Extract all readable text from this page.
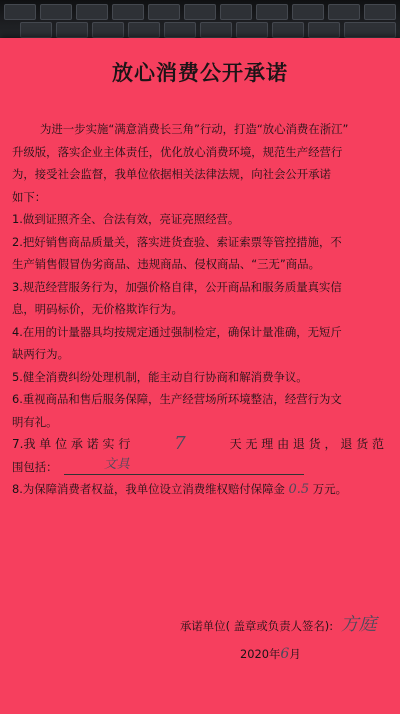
放心消费公开承诺
为进一步实施“满意消费长三角”行动，打造“放心消费在浙江”
升级版，落实企业主体责任，优化放心消费环境，规范生产经营行
为，接受社会监督，我单位依据相关法律法规，向社会公开承诺
如下：
1.做到证照齐全、合法有效，亮证亮照经营。
2.把好销售商品质量关，落实进货查验、索证索票等管控措施，不
生产销售假冒伪劣商品、违规商品、侵权商品、“三无”商品。
3.规范经营服务行为，加强价格自律，公开商品和服务质量真实信
息，明码标价，无价格欺诈行为。
4.在用的计量器具均按规定通过强制检定，确保计量准确，无短斤
缺两行为。
5.健全消费纠纷处理机制，能主动自行协商和解消费争议。
6.重视商品和售后服务保障，生产经营场所环境整洁，经营行为文
明有礼。
7.我 单 位 承 诺 实 行 7	天 无 理 由 退 货 ， 退 货 范
围包括：	文具
8.为保障消费者权益，我单位设立消费维权赔付保障金 0.5 万元。
承诺单位( 盖章或负责人签名): 方庭
2020年6月
